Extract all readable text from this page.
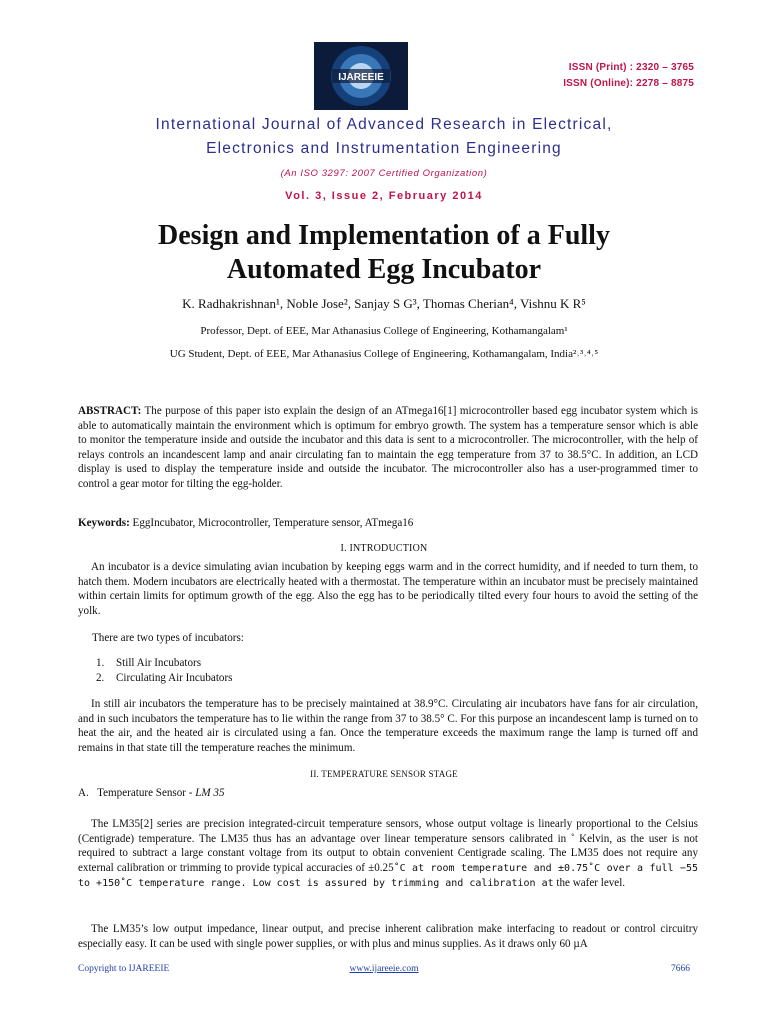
IJAREEIE
ISSN (Print) : 2320 – 3765
ISSN (Online): 2278 – 8875
International Journal of Advanced Research in Electrical,
Electronics and Instrumentation Engineering
(An ISO 3297: 2007 Certified Organization)
Vol. 3, Issue 2, February 2014
Design and Implementation of a Fully
Automated Egg Incubator
K. Radhakrishnan¹, Noble Jose², Sanjay S G³, Thomas Cherian⁴, Vishnu K R⁵
Professor, Dept. of EEE, Mar Athanasius College of Engineering, Kothamangalam¹
UG Student, Dept. of EEE, Mar Athanasius College of Engineering, Kothamangalam, India²˒³˒⁴˒⁵
ABSTRACT: The purpose of this paper isto explain the design of an ATmega16[1] microcontroller based egg incubator system which is able to automatically maintain the environment which is optimum for embryo growth. The system has a temperature sensor which is able to monitor the temperature inside and outside the incubator and this data is sent to a microcontroller. The microcontroller, with the help of relays controls an incandescent lamp and anair circulating fan to maintain the egg temperature from 37 to 38.5°C. In addition, an LCD display is used to display the temperature inside and outside the incubator. The microcontroller also has a user-programmed timer to control a gear motor for tilting the egg-holder.
Keywords: EggIncubator, Microcontroller, Temperature sensor, ATmega16
I. INTRODUCTION
An incubator is a device simulating avian incubation by keeping eggs warm and in the correct humidity, and if needed to turn them, to hatch them. Modern incubators are electrically heated with a thermostat. The temperature within an incubator must be precisely maintained within certain limits for optimum growth of the egg. Also the egg has to be periodically tilted every four hours to avoid the setting of the yolk.
There are two types of incubators:
1. Still Air Incubators
2. Circulating Air Incubators
In still air incubators the temperature has to be precisely maintained at 38.9°C. Circulating air incubators have fans for air circulation, and in such incubators the temperature has to lie within the range from 37 to 38.5° C. For this purpose an incandescent lamp is turned on to heat the air, and the heated air is circulated using a fan. Once the temperature exceeds the maximum range the lamp is turned off and remains in that state till the temperature reaches the minimum.
II. TEMPERATURE SENSOR STAGE
A. Temperature Sensor - LM 35
The LM35[2] series are precision integrated-circuit temperature sensors, whose output voltage is linearly proportional to the Celsius (Centigrade) temperature. The LM35 thus has an advantage over linear temperature sensors calibrated in ˚ Kelvin, as the user is not required to subtract a large constant voltage from its output to obtain convenient Centigrade scaling. The LM35 does not require any external calibration or trimming to provide typical accuracies of ±0.25˚C at room temperature and ±0.75˚C over a full −55 to +150˚C temperature range. Low cost is assured by trimming and calibration at the wafer level.
The LM35’s low output impedance, linear output, and precise inherent calibration make interfacing to readout or control circuitry especially easy. It can be used with single power supplies, or with plus and minus supplies. As it draws only 60 µA
Copyright to IJAREEIE	www.ijareeie.com	7666
